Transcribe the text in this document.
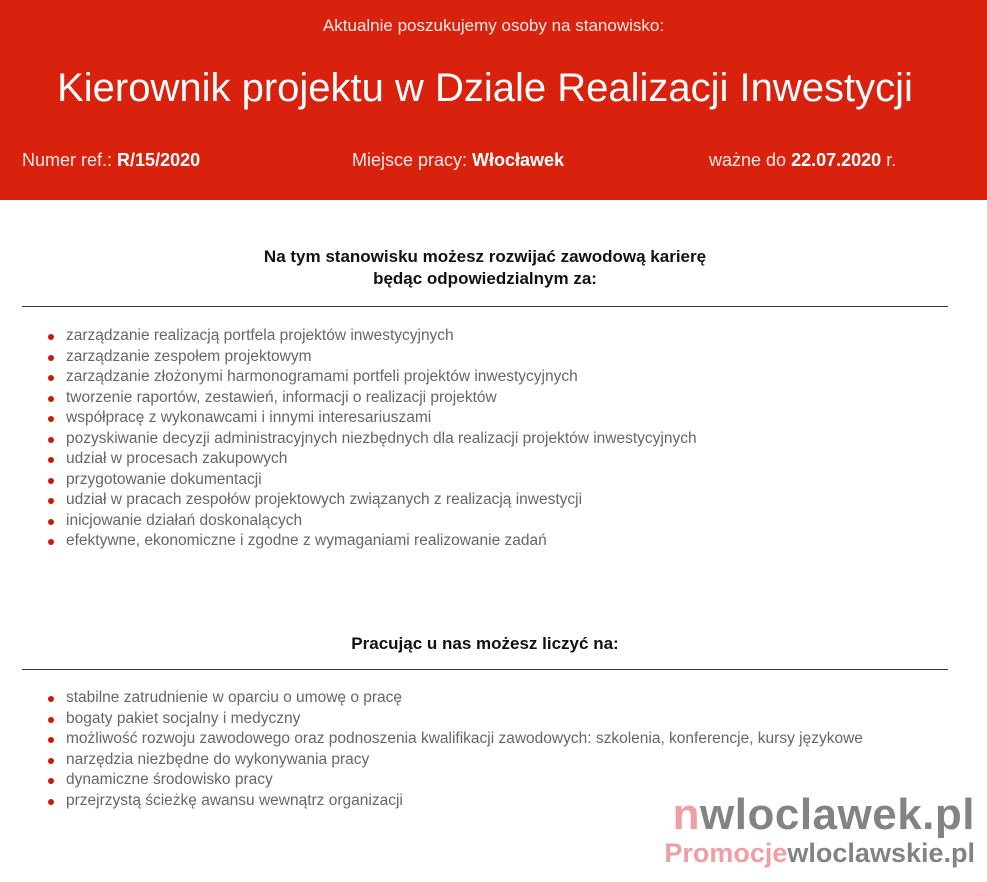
Aktualnie poszukujemy osoby na stanowisko:
Kierownik projektu w Dziale Realizacji Inwestycji
Numer ref.: R/15/2020	Miejsce pracy: Włocławek	ważne do 22.07.2020 r.
Na tym stanowisku możesz rozwijać zawodową karierę
będąc odpowiedzialnym za:
zarządzanie realizacją portfela projektów inwestycyjnych
zarządzanie zespołem projektowym
zarządzanie złożonymi harmonogramami portfeli projektów inwestycyjnych
tworzenie raportów, zestawień, informacji o realizacji projektów
współpracę z wykonawcami i innymi interesariuszami
pozyskiwanie decyzji administracyjnych niezbędnych dla realizacji projektów inwestycyjnych
udział w procesach zakupowych
przygotowanie dokumentacji
udział w pracach zespołów projektowych związanych z realizacją inwestycji
inicjowanie działań doskonalących
efektywne, ekonomiczne i zgodne z wymaganiami realizowanie zadań
Pracując u nas możesz liczyć na:
stabilne zatrudnienie w oparciu o umowę o pracę
bogaty pakiet socjalny i medyczny
możliwość rozwoju zawodowego oraz podnoszenia kwalifikacji zawodowych: szkolenia, konferencje, kursy językowe
narzędzia niezbędne do wykonywania pracy
dynamiczne środowisko pracy
przejrzystą ścieżkę awansu wewnątrz organizacji	nwloclawek.pl
Promocjewloclawskie.pl
